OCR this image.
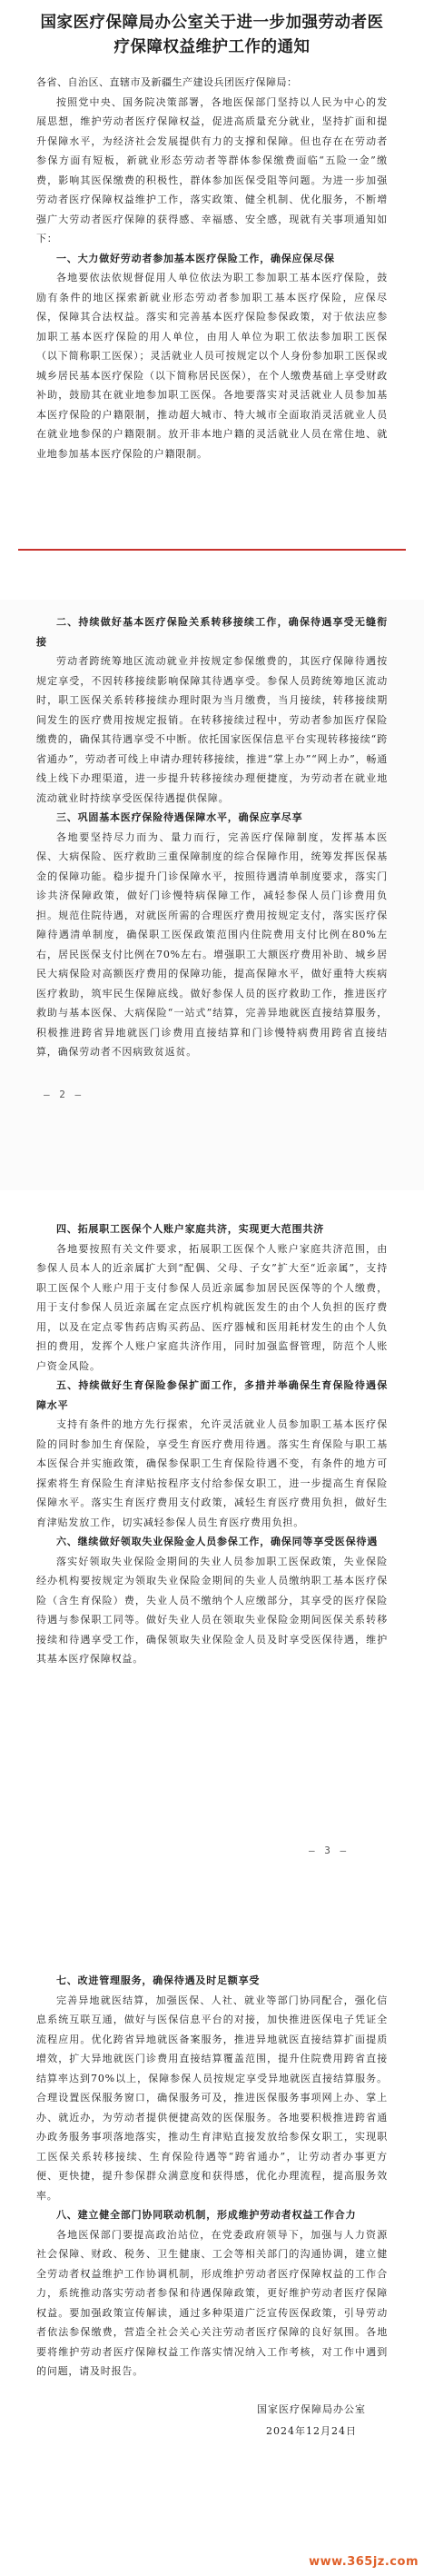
国家医疗保障局办公室关于进一步加强劳动者医疗保障权益维护工作的通知

各省、自治区、直辖市及新疆生产建设兵团医疗保障局：

按照党中央、国务院决策部署，各地医保部门坚持以人民为中心的发展思想，维护劳动者医疗保障权益，促进高质量充分就业，坚持扩面和提升保障水平，为经济社会发展提供有力的支撑和保障。但也存在在劳动者参保方面有短板，新就业形态劳动者等群体参保缴费面临“五险一金”缴费，影响其医保缴费的积极性，群体参加医保受阻等问题。为进一步加强劳动者医疗保障权益维护工作，落实政策、健全机制、优化服务，不断增强广大劳动者医疗保障的获得感、幸福感、安全感，现就有关事项通知如下：

一、大力做好劳动者参加基本医疗保险工作，确保应保尽保

各地要依法依规督促用人单位依法为职工参加职工基本医疗保险，鼓励有条件的地区探索新就业形态劳动者参加职工基本医疗保险，应保尽保，保障其合法权益。落实和完善基本医疗保险参保政策，对于依法应参加职工基本医疗保险的用人单位，由用人单位为职工依法参加职工医保（以下简称职工医保）；灵活就业人员可按规定以个人身份参加职工医保或城乡居民基本医疗保险（以下简称居民医保），在个人缴费基础上享受财政补助，鼓励其在就业地参加职工医保。各地要落实对灵活就业人员参加基本医疗保险的户籍限制，推动超大城市、特大城市全面取消灵活就业人员在就业地参保的户籍限制。放开非本地户籍的灵活就业人员在常住地、就业地参加基本医疗保险的户籍限制。

二、持续做好基本医疗保险关系转移接续工作，确保待遇享受无缝衔接

劳动者跨统筹地区流动就业并按规定参保缴费的，其医疗保障待遇按规定享受，不因转移接续影响保障其待遇享受。参保人员跨统筹地区流动时，职工医保关系转移接续办理时限为当月缴费，当月接续，转移接续期间发生的医疗费用按规定报销。在转移接续过程中，劳动者参加医疗保险缴费的，确保其待遇享受不中断。依托国家医保信息平台实现转移接续“跨省通办”，劳动者可线上申请办理转移接续，推进“掌上办”“网上办”，畅通线上线下办理渠道，进一步提升转移接续办理便捷度，为劳动者在就业地流动就业时持续享受医保待遇提供保障。

三、巩固基本医疗保险待遇保障水平，确保应享尽享

各地要坚持尽力而为、量力而行，完善医疗保障制度，发挥基本医保、大病保险、医疗救助三重保障制度的综合保障作用，统筹发挥医保基金的保障功能。稳步提升门诊保障水平，按照待遇清单制度要求，落实门诊共济保障政策，做好门诊慢特病保障工作，减轻参保人员门诊费用负担。规范住院待遇，对就医所需的合理医疗费用按规定支付，落实医疗保障待遇清单制度，确保职工医保政策范围内住院费用支付比例在80%左右，居民医保支付比例在70%左右。增强职工大额医疗费用补助、城乡居民大病保险对高额医疗费用的保障功能，提高保障水平，做好重特大疾病医疗救助，筑牢民生保障底线。做好参保人员的医疗救助工作，推进医疗救助与基本医保、大病保险“一站式”结算，完善异地就医直接结算服务，积极推进跨省异地就医门诊费用直接结算和门诊慢特病费用跨省直接结算，确保劳动者不因病致贫返贫。

— 2 —

四、拓展职工医保个人账户家庭共济，实现更大范围共济

各地要按照有关文件要求，拓展职工医保个人账户家庭共济范围，由参保人员本人的近亲属扩大到“配偶、父母、子女”扩大至“近亲属”，支持职工医保个人账户用于支付参保人员近亲属参加居民医保等的个人缴费，用于支付参保人员近亲属在定点医疗机构就医发生的由个人负担的医疗费用，以及在定点零售药店购买药品、医疗器械和医用耗材发生的由个人负担的费用，发挥个人账户家庭共济作用，同时加强监督管理，防范个人账户资金风险。

五、持续做好生育保险参保扩面工作，多措并举确保生育保险待遇保障水平

支持有条件的地方先行探索，允许灵活就业人员参加职工基本医疗保险的同时参加生育保险，享受生育医疗费用待遇。落实生育保险与职工基本医保合并实施政策，确保参保职工生育保险待遇不变，有条件的地方可探索将生育保险生育津贴按程序支付给参保女职工，进一步提高生育保险保障水平。落实生育医疗费用支付政策，减轻生育医疗费用负担，做好生育津贴发放工作，切实减轻参保人员生育医疗费用负担。

六、继续做好领取失业保险金人员参保工作，确保同等享受医保待遇

落实好领取失业保险金期间的失业人员参加职工医保政策，失业保险经办机构要按规定为领取失业保险金期间的失业人员缴纳职工基本医疗保险（含生育保险）费，失业人员不缴纳个人应缴部分，其享受的医疗保险待遇与参保职工同等。做好失业人员在领取失业保险金期间医保关系转移接续和待遇享受工作，确保领取失业保险金人员及时享受医保待遇，维护其基本医疗保障权益。

— 3 —

七、改进管理服务，确保待遇及时足额享受

完善异地就医结算，加强医保、人社、就业等部门协同配合，强化信息系统互联互通，做好与医保信息平台的对接，加快推进医保电子凭证全流程应用。优化跨省异地就医备案服务，推进异地就医直接结算扩面提质增效，扩大异地就医门诊费用直接结算覆盖范围，提升住院费用跨省直接结算率达到70%以上，保障参保人员按规定享受异地就医直接结算服务。合理设置医保服务窗口，确保服务可及，推进医保服务事项网上办、掌上办、就近办，为劳动者提供便捷高效的医保服务。各地要积极推进跨省通办政务服务事项落地落实，推动生育津贴直接发放给参保女职工，实现职工医保关系转移接续、生育保险待遇等“跨省通办”，让劳动者办事更方便、更快捷，提升参保群众满意度和获得感，优化办理流程，提高服务效率。

八、建立健全部门协同联动机制，形成维护劳动者权益工作合力

各地医保部门要提高政治站位，在党委政府领导下，加强与人力资源社会保障、财政、税务、卫生健康、工会等相关部门的沟通协调，建立健全劳动者权益维护工作协调机制，形成维护劳动者医疗保障权益的工作合力，系统推动落实劳动者参保和待遇保障政策，更好维护劳动者医疗保障权益。要加强政策宣传解读，通过多种渠道广泛宣传医保政策，引导劳动者依法参保缴费，营造全社会关心关注劳动者医疗保障的良好氛围。各地要将维护劳动者医疗保障权益工作落实情况纳入工作考核，对工作中遇到的问题，请及时报告。

国家医疗保障局办公室
2024年12月24日
www.365jz.com
